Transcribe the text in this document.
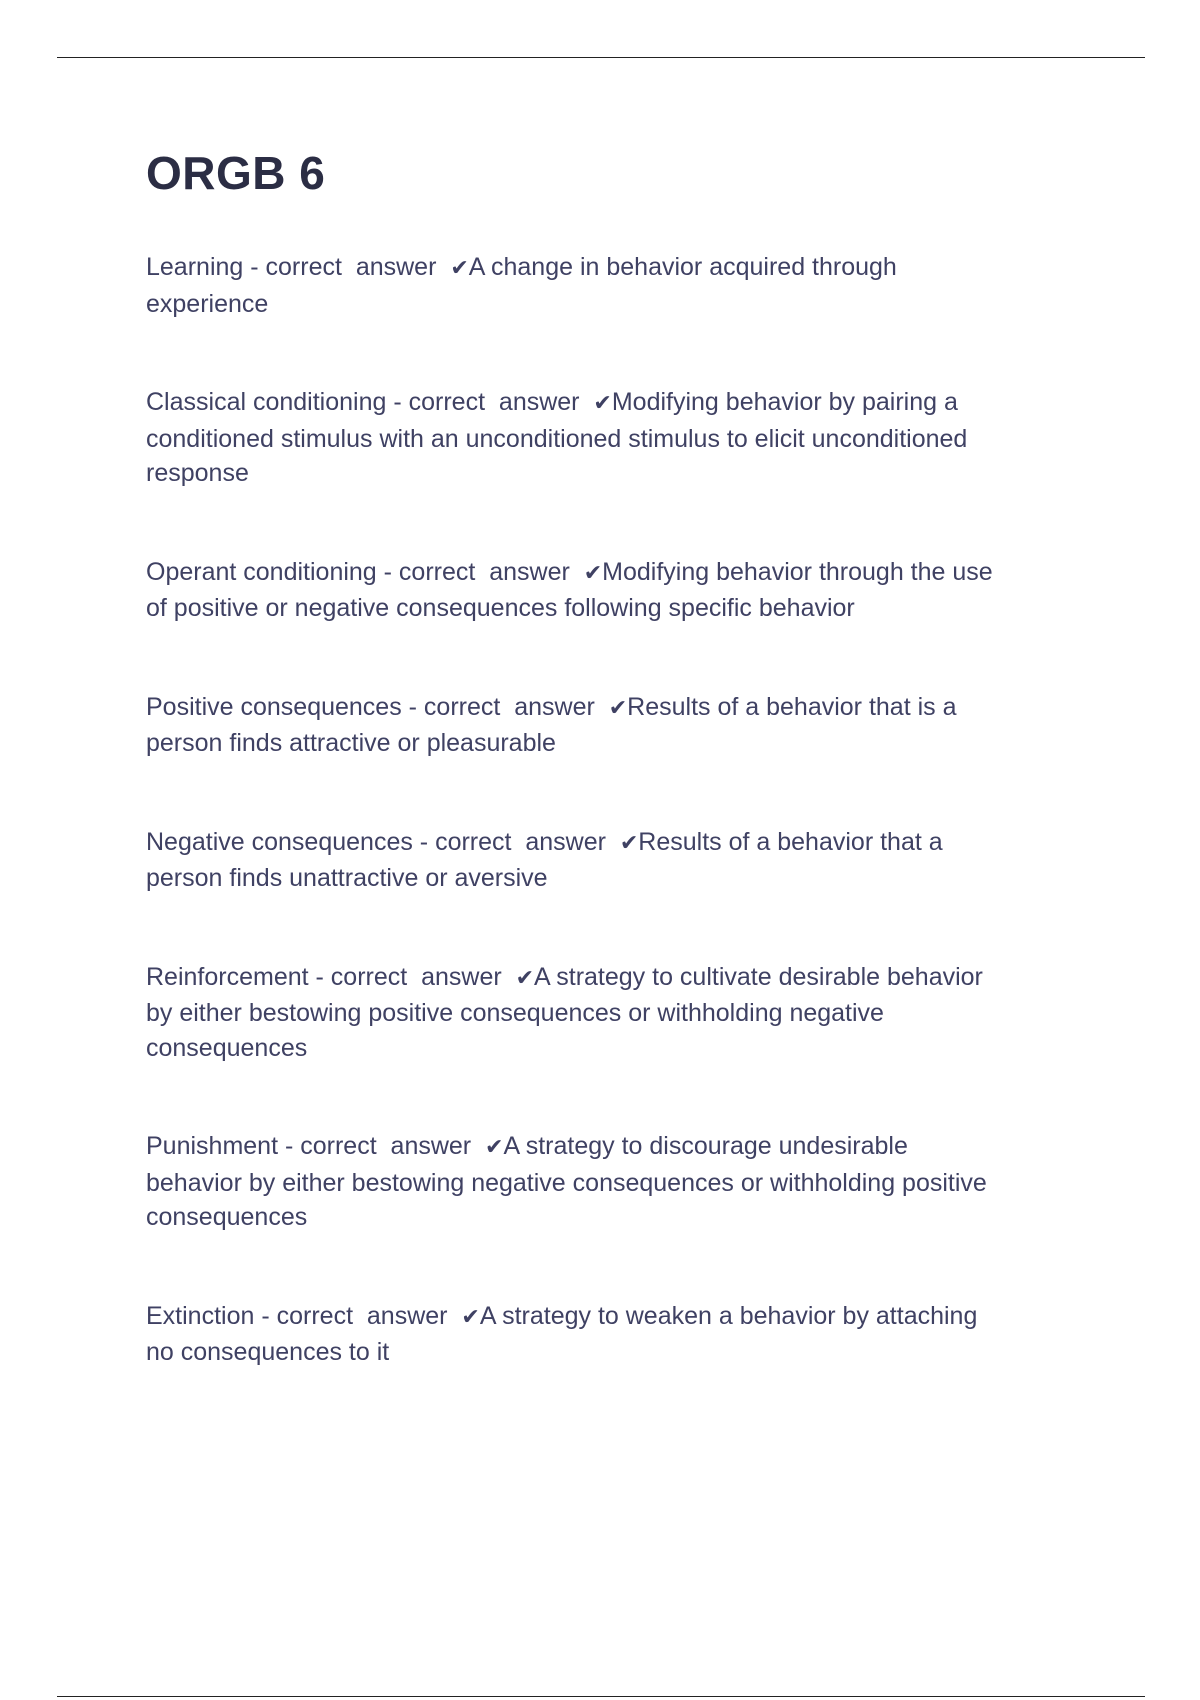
ORGB 6

Learning - correct  answer  ✔A change in behavior acquired through
experience

Classical conditioning - correct  answer  ✔Modifying behavior by pairing a
conditioned stimulus with an unconditioned stimulus to elicit unconditioned
response

Operant conditioning - correct  answer  ✔Modifying behavior through the use
of positive or negative consequences following specific behavior

Positive consequences - correct  answer  ✔Results of a behavior that is a
person finds attractive or pleasurable

Negative consequences - correct  answer  ✔Results of a behavior that a
person finds unattractive or aversive

Reinforcement - correct  answer  ✔A strategy to cultivate desirable behavior
by either bestowing positive consequences or withholding negative
consequences

Punishment - correct  answer  ✔A strategy to discourage undesirable
behavior by either bestowing negative consequences or withholding positive
consequences

Extinction - correct  answer  ✔A strategy to weaken a behavior by attaching
no consequences to it
